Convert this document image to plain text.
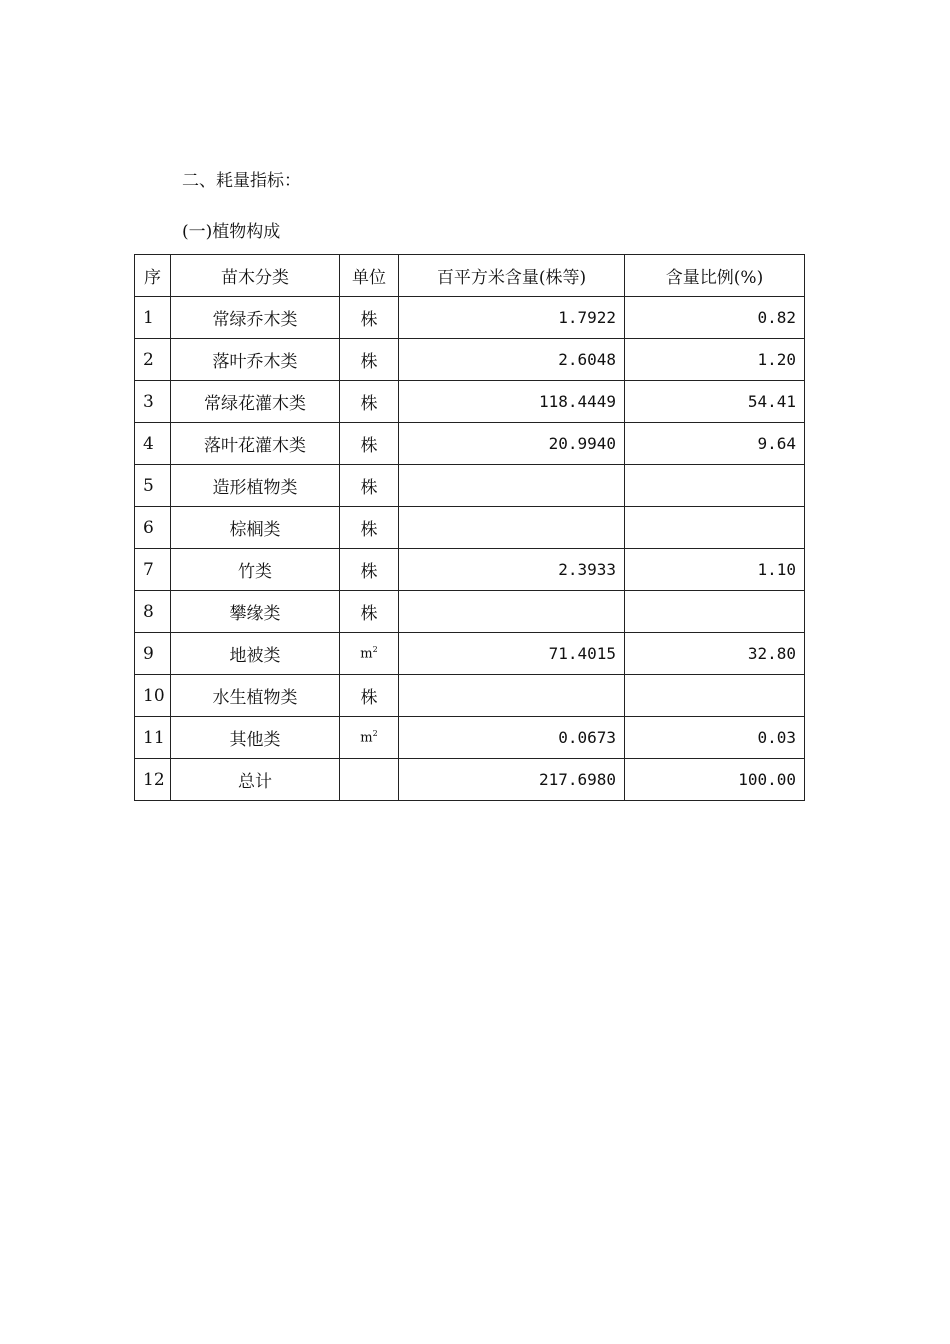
二、耗量指标：
(一)植物构成
序	苗木分类	单位	百平方米含量(株等)	含量比例(%)
1	常绿乔木类	株	1.7922	0.82
2	落叶乔木类	株	2.6048	1.20
3	常绿花灌木类	株	118.4449	54.41
4	落叶花灌木类	株	20.9940	9.64
5	造形植物类	株		
6	棕榈类	株		
7	竹类	株	2.3933	1.10
8	攀缘类	株		
9	地被类	$m^2$	71.4015	32.80
10	水生植物类	株		
11	其他类	$m^2$	0.0673	0.03
12	总计		217.6980	100.00
